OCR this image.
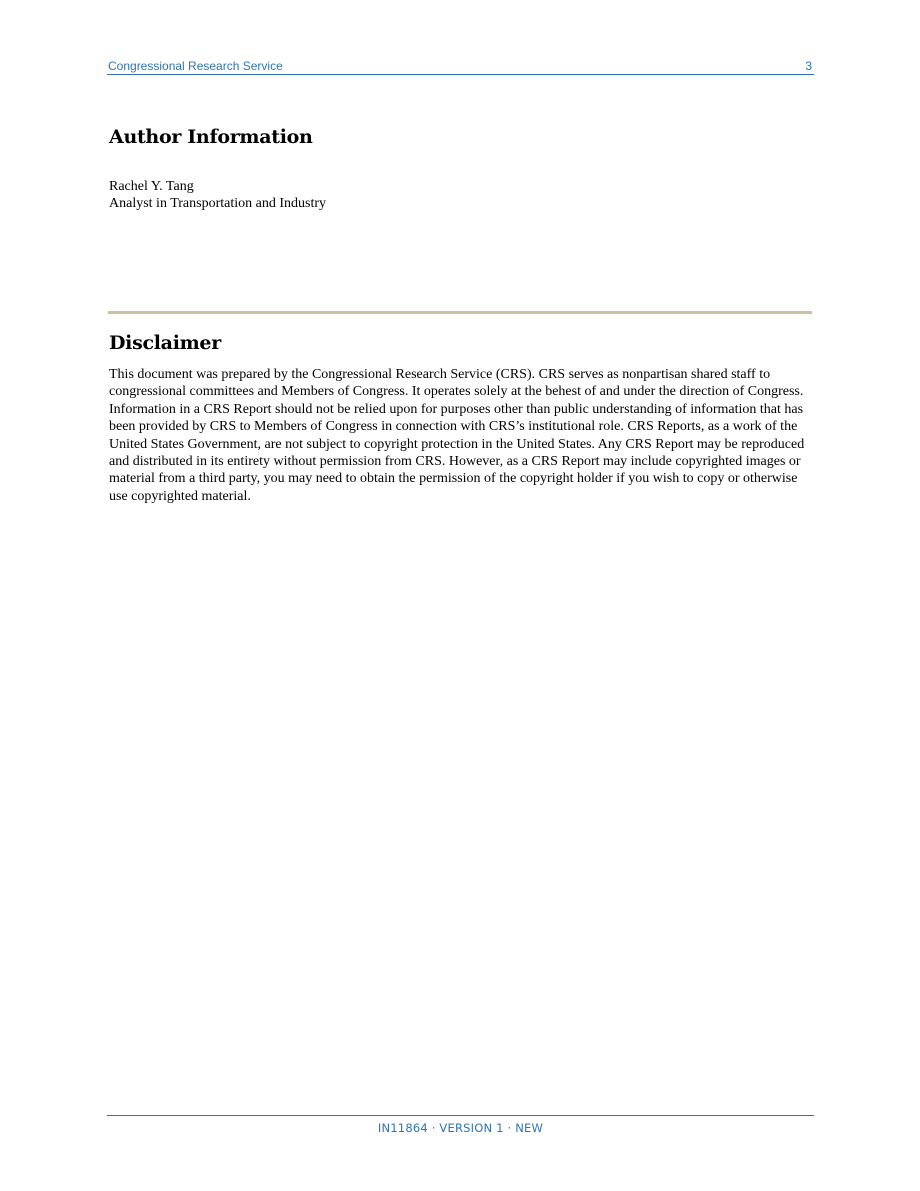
Congressional Research Service	3
Author Information
Rachel Y. Tang
Analyst in Transportation and Industry
Disclaimer

This document was prepared by the Congressional Research Service (CRS). CRS serves as nonpartisan shared staff to congressional committees and Members of Congress. It operates solely at the behest of and under the direction of Congress. Information in a CRS Report should not be relied upon for purposes other than public understanding of information that has been provided by CRS to Members of Congress in connection with CRS’s institutional role. CRS Reports, as a work of the United States Government, are not subject to copyright protection in the United States. Any CRS Report may be reproduced and distributed in its entirety without permission from CRS. However, as a CRS Report may include copyrighted images or material from a third party, you may need to obtain the permission of the copyright holder if you wish to copy or otherwise use copyrighted material.

IN11864 · VERSION 1 · NEW
